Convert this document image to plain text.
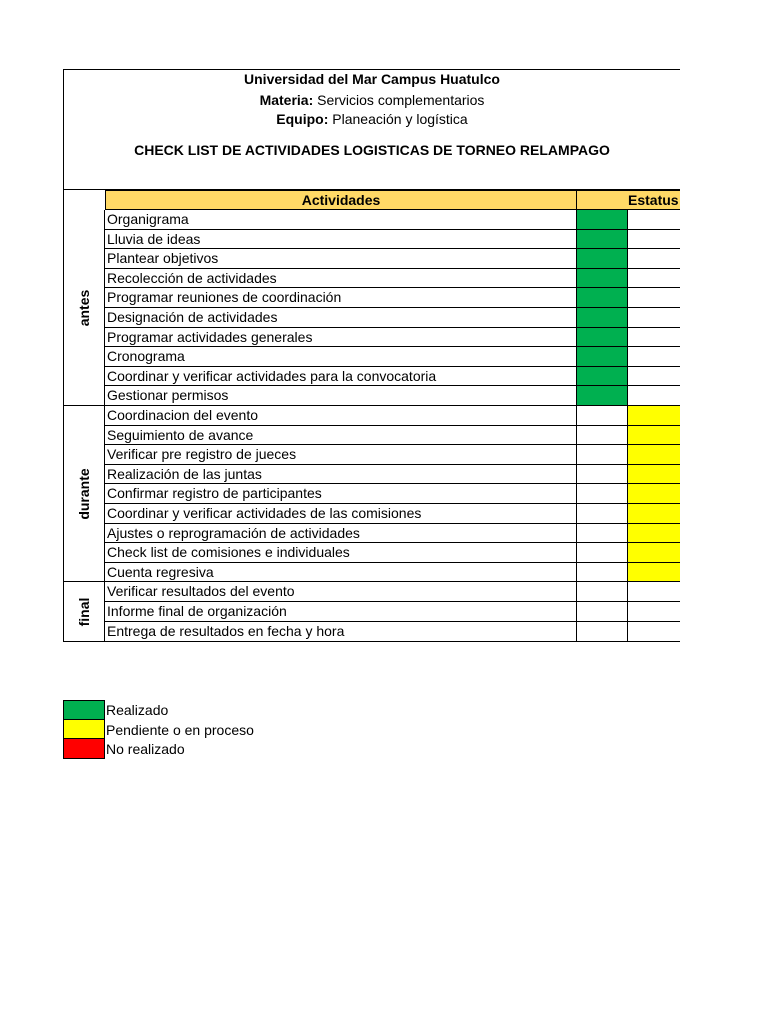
Universidad del Mar Campus Huatulco
Materia: Servicios complementarios
Equipo: Planeación y logística
CHECK LIST DE ACTIVIDADES LOGISTICAS DE TORNEO RELAMPAGO
Actividades	Estatus
antes
Organigrama
Lluvia de ideas
Plantear objetivos
Recolección de actividades
Programar reuniones de coordinación
Designación de actividades
Programar actividades generales
Cronograma
Coordinar y verificar actividades para la convocatoria
Gestionar permisos
durante
Coordinacion del evento
Seguimiento de avance
Verificar pre registro de jueces
Realización de las juntas
Confirmar registro de participantes
Coordinar y verificar actividades de las comisiones
Ajustes o reprogramación de actividades
Check list de comisiones e individuales
Cuenta regresiva
final
Verificar resultados del evento
Informe final de organización
Entrega de resultados en fecha y hora
Realizado
Pendiente o en proceso
No realizado
